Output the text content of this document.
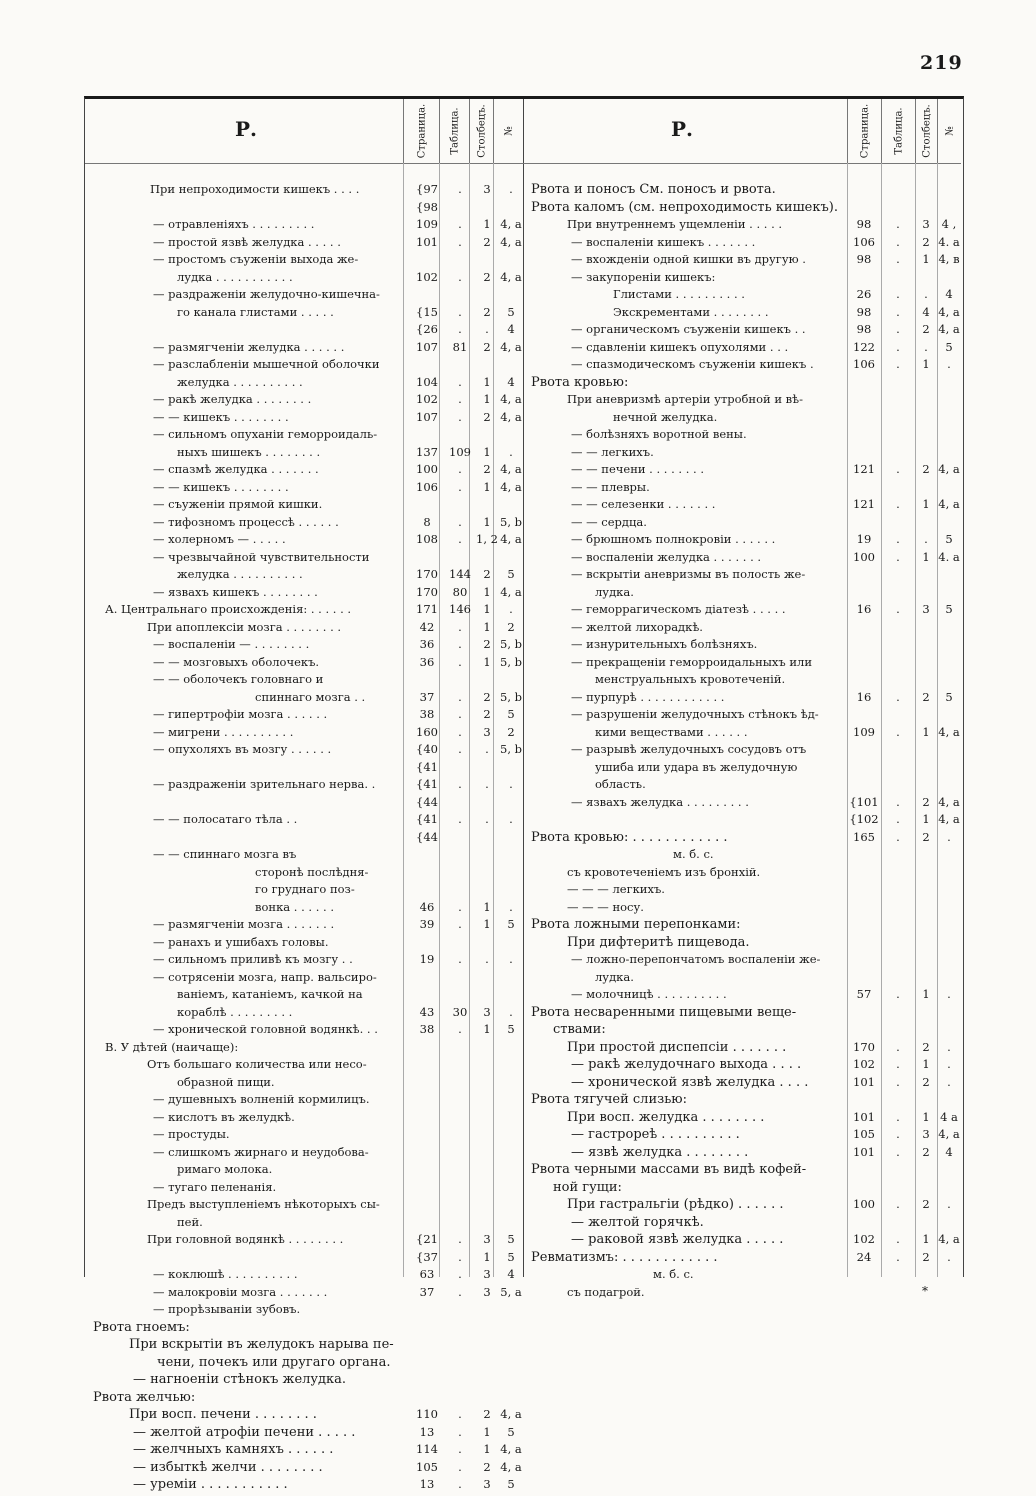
219
Р.	Страница. Таблица. Столбецъ. №
При непроходимости кишекъ . . . .	{97	.	3	.
{98
— отравленіяхъ . . . . . . . . .	109	.	1 4, a
— простой язвѣ желудка . . . . .	101	.	2 4, a
— простомъ съуженіи выхода же-
лудка . . . . . . . . . . .	102	.	2 4, a
— раздраженіи желудочно-кишечна-
го канала глистами . . . . .	{15	.	2	5
{26	.	.	4
— размягченіи желудка . . . . . .	107	81	2 4, a
— разслабленіи мышечной оболочки
желудка . . . . . . . . . .	104	.	1	4
— ракѣ желудка . . . . . . . .	102	.	1 4, a
— — кишекъ . . . . . . . .	107	.	2 4, a
— сильномъ опуханіи геморроидаль-
ныхъ шишекъ . . . . . . . .	137 109	1	.
— спазмѣ желудка . . . . . . .	100	.	2 4, a
— — кишекъ . . . . . . . .	106	.	1 4, a
— съуженіи прямой кишки.
— тифозномъ процессѣ . . . . . .	8	.	1 5, b
— холерномъ — . . . . .	108	.	1, 2 4, a
— чрезвычайной чувствительности
желудка . . . . . . . . . .	170 144	2	5
— язвахъ кишекъ . . . . . . . .	170	80	1 4, a
А. Центральнаго происхожденія: . . . . . .	171 146	1	.
При апоплексіи мозга . . . . . . . .	42	.	1	2
— воспаленіи — . . . . . . . .	36	.	2 5, b
— — мозговыхъ оболочекъ.	36	.	1 5, b
— — оболочекъ головнаго и
спиннаго мозга . .	37	.	2 5, b
— гипертрофіи мозга . . . . . .	38	.	2	5
— мигрени . . . . . . . . . .	160	.	3	2
— опухоляхъ въ мозгу . . . . . .	{40	.	. 5, b
{41
— раздраженіи зрительнаго нерва. .	{41	.	.	.
{44
— — полосатаго тѣла . .	{41	.	.	.
{44
— — спиннаго мозга въ
сторонѣ послѣдня-
го груднаго поз-
вонка . . . . . .	46	.	1	.
— размягченіи мозга . . . . . . .	39	.	1	5
— ранахъ и ушибахъ головы.
— сильномъ приливѣ къ мозгу . .	19	.	.	.
— сотрясеніи мозга, напр. вальсиро-
ваніемъ, катаніемъ, качкой на
кораблѣ . . . . . . . . .	43	30	3	.
— хронической головной водянкѣ. . .	38	.	1	5
В. У дѣтей (наичаще):
Отъ большаго количества или несо-
образной пищи.
— душевныхъ волненій кормилицъ.
— кислотъ въ желудкѣ.
— простуды.
— слишкомъ жирнаго и неудобова-
римаго молока.
— тугаго пеленанія.
Предъ выступленіемъ нѣкоторыхъ сы-
пей.
При головной водянкѣ . . . . . . . .	{21	.	3	5
{37	.	1	5
— коклюшѣ . . . . . . . . . .	63	.	3	4
— малокровіи мозга . . . . . . .	37	.	3 5, a
— прорѣзываніи зубовъ.
Рвота гноемъ:
При вскрытіи въ желудокъ нарыва пе-
чени, почекъ или другаго органа.
— нагноеніи стѣнокъ желудка.
Рвота желчью:
При восп. печени . . . . . . . .	110	.	2 4, a
— желтой атрофіи печени . . . . .	13	.	1	5
— желчныхъ камняхъ . . . . . .	114	.	1 4, a
— избыткѣ желчи . . . . . . . .	105	.	2 4, a
— уреміи . . . . . . . . . . .	13	.	3	5
Р.	Страница. Таблица. Столбецъ. №
Рвота и поносъ См. поносъ и рвота.
Рвота каломъ (см. непроходимость кишекъ).
При внутреннемъ ущемленіи . . . . .	98	.	3	4 ,
— воспаленіи кишекъ . . . . . . .	106	.	2 4. a
— вхожденіи одной кишки въ другую .	98	.	1 4, в
— закупореніи кишекъ:
Глистами . . . . . . . . . .	26	.	.	4
Экскрементами . . . . . . . .	98	.	4 4, a
— органическомъ съуженіи кишекъ . .	98	.	2 4, a
— сдавленіи кишекъ опухолями . . .	122	.	.	5
— спазмодическомъ съуженіи кишекъ .	106	.	1	.
Рвота кровью:
При аневризмѣ артеріи утробной и вѣ-
нечной желудка.
— болѣзняхъ воротной вены.
— — легкихъ.
— — печени . . . . . . . .	121	.	2 4, a
— — плевры.
— — селезенки . . . . . . .	121	.	1 4, a
— — сердца.
— брюшномъ полнокровіи . . . . . .	19	.	.	5
— воспаленіи желудка . . . . . . .	100	.	1 4. a
— вскрытіи аневризмы въ полость же-
лудка.
— геморрагическомъ діатезѣ . . . . .	16	.	3	5
— желтой лихорадкѣ.
— изнурительныхъ болѣзняхъ.
— прекращеніи геморроидальныхъ или
менструальныхъ кровотеченій.
— пурпурѣ . . . . . . . . . . . .	16	.	2	5
— разрушеніи желудочныхъ стѣнокъ ѣд-
кими веществами . . . . . .	109	.	1 4, a
— разрывѣ желудочныхъ сосудовъ отъ
ушиба или удара въ желудочную
область.
— язвахъ желудка . . . . . . . . .	{101	.	2 4, a
{102	.	1 4, a
Рвота кровью: . . . . . . . . . . . .	165	.	2	.
м. б. с.
съ кровотеченіемъ изъ бронхій.
— — — легкихъ.
— — — носу.
Рвота ложными перепонками:
При дифтеритѣ пищевода.
— ложно-перепончатомъ воспаленіи же-
лудка.
— молочницѣ . . . . . . . . . .	57	.	1	.
Рвота несваренными пищевыми веще-
ствами:
При простой диспепсіи . . . . . . .	170	.	2	.
— ракѣ желудочнаго выхода . . . .	102	.	1	.
— хронической язвѣ желудка . . . .	101	.	2	.
Рвота тягучей слизью:
При восп. желудка . . . . . . . .	101	.	1 4 a
— гастрореѣ . . . . . . . . . .	105	.	3 4, a
— язвѣ желудка . . . . . . . .	101	.	2	4
Рвота черными массами въ видѣ кофей-
ной гущи:
При гастральгіи (рѣдко) . . . . . .	100	.	2	.
— желтой горячкѣ.
— раковой язвѣ желудка . . . . .	102	.	1 4, a
Ревматизмъ: . . . . . . . . . . . .	24	.	2	.
м. б. с.
съ подагрой.	*
